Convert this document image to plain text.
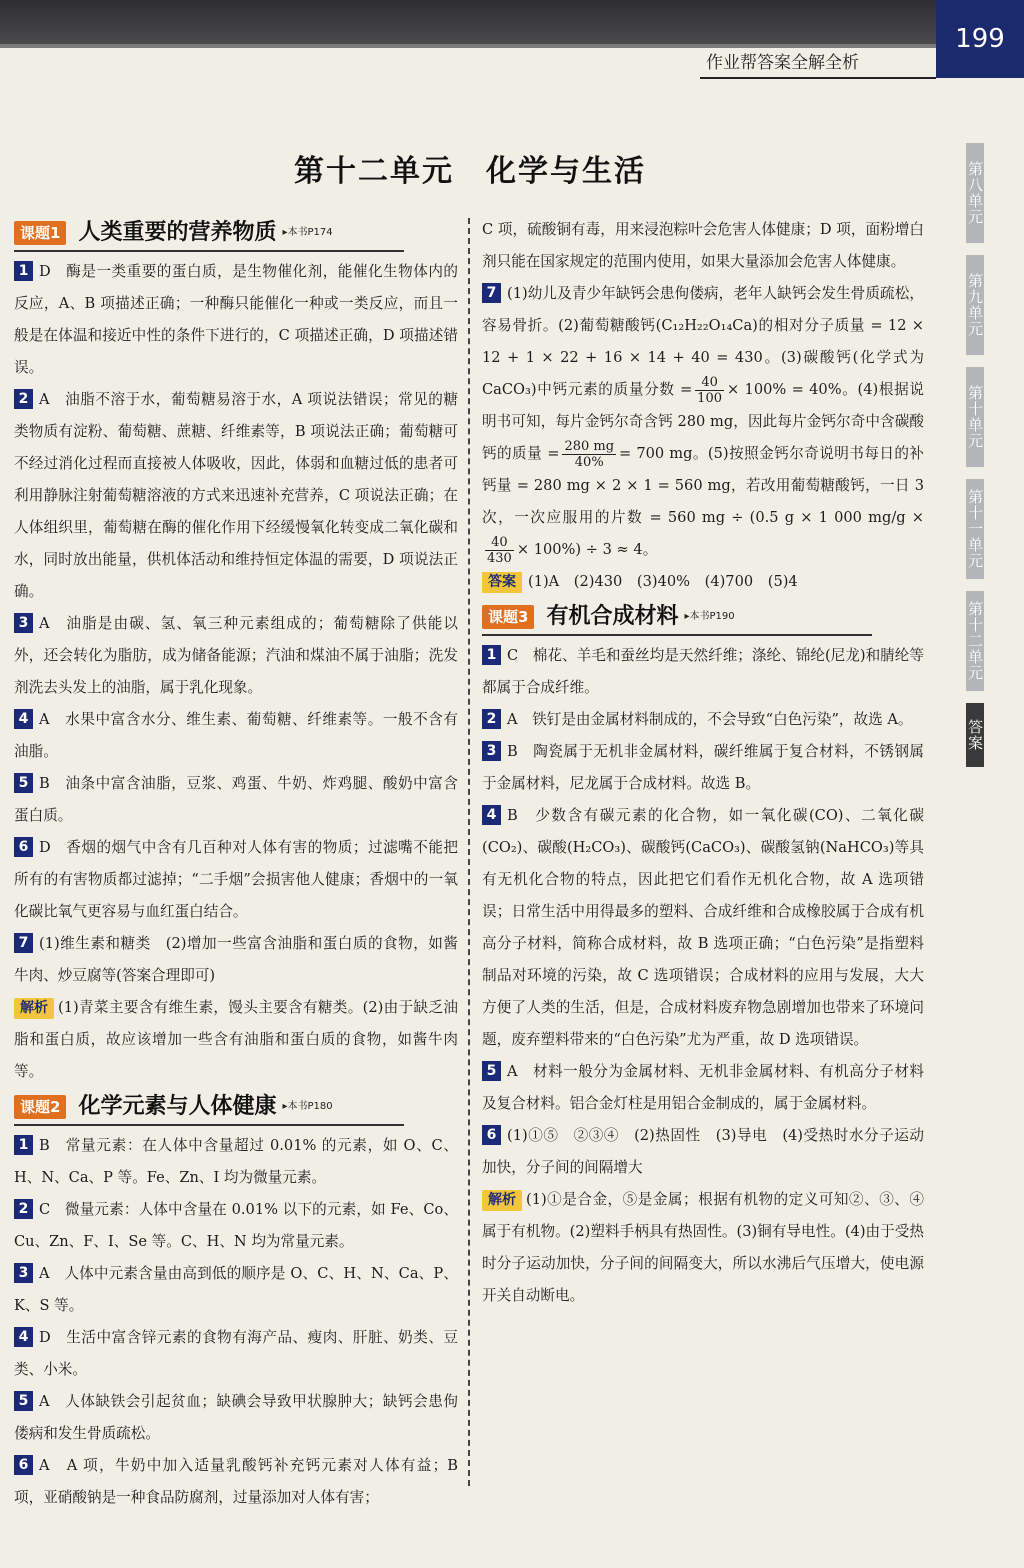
作业帮答案全解全析
199
第八单元
第九单元
第十单元
第十一单元
第十二单元
答案
第十二单元　化学与生活
课题1 人类重要的营养物质 ▸本书P174

1 D　酶是一类重要的蛋白质，是生物催化剂，能催化生物体内的反应，A、B 项描述正确；一种酶只能催化一种或一类反应，而且一般是在体温和接近中性的条件下进行的，C 项描述正确，D 项描述错误。

2 A　油脂不溶于水，葡萄糖易溶于水，A 项说法错误；常见的糖类物质有淀粉、葡萄糖、蔗糖、纤维素等，B 项说法正确；葡萄糖可不经过消化过程而直接被人体吸收，因此，体弱和血糖过低的患者可利用静脉注射葡萄糖溶液的方式来迅速补充营养，C 项说法正确；在人体组织里，葡萄糖在酶的催化作用下经缓慢氧化转变成二氧化碳和水，同时放出能量，供机体活动和维持恒定体温的需要，D 项说法正确。

3 A　油脂是由碳、氢、氧三种元素组成的；葡萄糖除了供能以外，还会转化为脂肪，成为储备能源；汽油和煤油不属于油脂；洗发剂洗去头发上的油脂，属于乳化现象。

4 A　水果中富含水分、维生素、葡萄糖、纤维素等。一般不含有油脂。

5 B　油条中富含油脂，豆浆、鸡蛋、牛奶、炸鸡腿、酸奶中富含蛋白质。

6 D　香烟的烟气中含有几百种对人体有害的物质；过滤嘴不能把所有的有害物质都过滤掉；“二手烟”会损害他人健康；香烟中的一氧化碳比氧气更容易与血红蛋白结合。

7 (1)维生素和糖类　(2)增加一些富含油脂和蛋白质的食物，如酱牛肉、炒豆腐等(答案合理即可)

解析 (1)青菜主要含有维生素，馒头主要含有糖类。(2)由于缺乏油脂和蛋白质，故应该增加一些含有油脂和蛋白质的食物，如酱牛肉等。

课题2 化学元素与人体健康 ▸本书P180

1 B　常量元素：在人体中含量超过 0.01% 的元素，如 O、C、H、N、Ca、P 等。Fe、Zn、I 均为微量元素。

2 C　微量元素：人体中含量在 0.01% 以下的元素，如 Fe、Co、Cu、Zn、F、I、Se 等。C、H、N 均为常量元素。

3 A　人体中元素含量由高到低的顺序是 O、C、H、N、Ca、P、K、S 等。

4 D　生活中富含锌元素的食物有海产品、瘦肉、肝脏、奶类、豆类、小米。

5 A　人体缺铁会引起贫血；缺碘会导致甲状腺肿大；缺钙会患佝偻病和发生骨质疏松。

6 A　A 项，牛奶中加入适量乳酸钙补充钙元素对人体有益；B 项，亚硝酸钠是一种食品防腐剂，过量添加对人体有害；

C 项，硫酸铜有毒，用来浸泡粽叶会危害人体健康；D 项，面粉增白剂只能在国家规定的范围内使用，如果大量添加会危害人体健康。

7 (1)幼儿及青少年缺钙会患佝偻病，老年人缺钙会发生骨质疏松，容易骨折。(2)葡萄糖酸钙(C₁₂H₂₂O₁₄Ca)的相对分子质量 = 12 × 12 + 1 × 22 + 16 × 14 + 40 = 430。(3)碳酸钙(化学式为 CaCO₃)中钙元素的质量分数 = $\frac{40}{100} \times 100\% = 40\%$。(4)根据说明书可知，每片金钙尔奇含钙 280 mg，因此每片金钙尔奇中含碳酸钙的质量 = $\frac{280 mg}{40\%} = 700$ mg。(5)按照金钙尔奇说明书每日的补钙量 = 280 mg × 2 × 1 = 560 mg，若改用葡萄糖酸钙，一日 3 次，一次应服用的片数 = 560 mg ÷ (0.5 g × 1 000 mg/g ×
$\frac{40}{430} \times 100\%) \div 3 \approx 4$。

答案 (1)A　(2)430　(3)40%　(4)700　(5)4

课题3 有机合成材料 ▸本书P190

1 C　棉花、羊毛和蚕丝均是天然纤维；涤纶、锦纶(尼龙)和腈纶等都属于合成纤维。

2 A　铁钉是由金属材料制成的，不会导致“白色污染”，故选 A。

3 B　陶瓷属于无机非金属材料，碳纤维属于复合材料，不锈钢属于金属材料，尼龙属于合成材料。故选 B。

4 B　少数含有碳元素的化合物，如一氧化碳(CO)、二氧化碳(CO₂)、碳酸(H₂CO₃)、碳酸钙(CaCO₃)、碳酸氢钠(NaHCO₃)等具有无机化合物的特点，因此把它们看作无机化合物，故 A 选项错误；日常生活中用得最多的塑料、合成纤维和合成橡胶属于合成有机高分子材料，简称合成材料，故 B 选项正确；“白色污染”是指塑料制品对环境的污染，故 C 选项错误；合成材料的应用与发展，大大方便了人类的生活，但是，合成材料废弃物急剧增加也带来了环境问题，废弃塑料带来的“白色污染”尤为严重，故 D 选项错误。

5 A　材料一般分为金属材料、无机非金属材料、有机高分子材料及复合材料。铝合金灯柱是用铝合金制成的，属于金属材料。

6 (1)①⑤　②③④　(2)热固性　(3)导电　(4)受热时水分子运动加快，分子间的间隔增大

解析 (1)①是合金，⑤是金属；根据有机物的定义可知②、③、④属于有机物。(2)塑料手柄具有热固性。(3)铜有导电性。(4)由于受热时分子运动加快，分子间的间隔变大，所以水沸后气压增大，使电源开关自动断电。
